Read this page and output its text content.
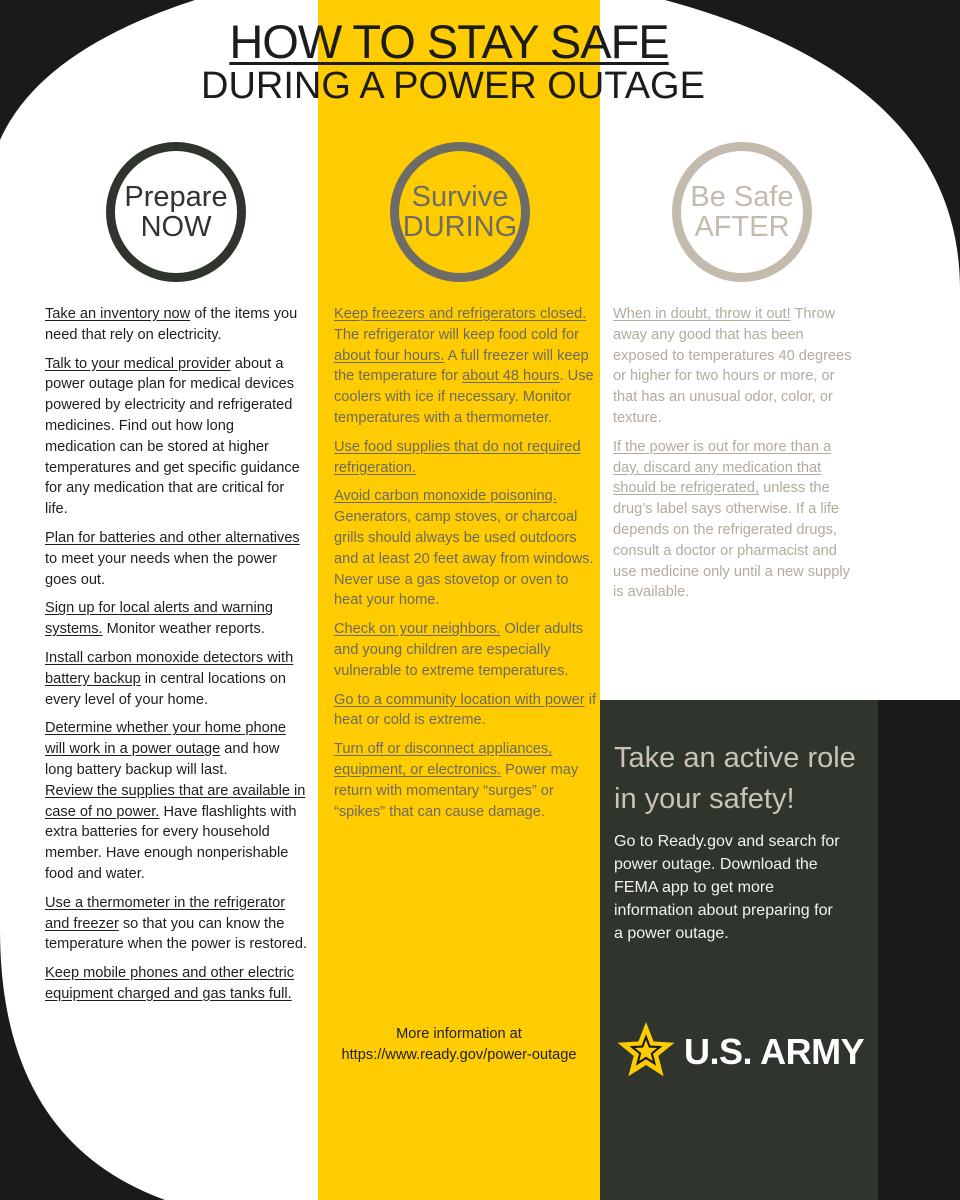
HOW TO STAY SAFE
DURING A POWER OUTAGE
Prepare
NOW
Survive
DURING
Be Safe
AFTER

Take an inventory now of the items you need that rely on electricity.

Talk to your medical provider about a power outage plan for medical devices powered by electricity and refrigerated medicines. Find out how long medication can be stored at higher temperatures and get specific guidance for any medication that are critical for life.

Plan for batteries and other alternatives to meet your needs when the power goes out.

Sign up for local alerts and warning systems. Monitor weather reports.

Install carbon monoxide detectors with battery backup in central locations on every level of your home.

Determine whether your home phone will work in a power outage and how long battery backup will last.

Review the supplies that are available in case of no power. Have flashlights with extra batteries for every household member. Have enough nonperishable food and water.

Use a thermometer in the refrigerator and freezer so that you can know the temperature when the power is restored.

Keep mobile phones and other electric equipment charged and gas tanks full.

Keep freezers and refrigerators closed. The refrigerator will keep food cold for about four hours. A full freezer will keep the temperature for about 48 hours. Use coolers with ice if necessary. Monitor temperatures with a thermometer.

Use food supplies that do not required refrigeration.

Avoid carbon monoxide poisoning. Generators, camp stoves, or charcoal grills should always be used outdoors and at least 20 feet away from windows. Never use a gas stovetop or oven to heat your home.

Check on your neighbors. Older adults and young children are especially vulnerable to extreme temperatures.

Go to a community location with power if heat or cold is extreme.

Turn off or disconnect appliances, equipment, or electronics. Power may return with momentary “surges” or “spikes” that can cause damage.

When in doubt, throw it out! Throw away any good that has been exposed to temperatures 40 degrees or higher for two hours or more, or that has an unusual odor, color, or texture.

If the power is out for more than a day, discard any medication that should be refrigerated, unless the drug’s label says otherwise. If a life depends on the refrigerated drugs, consult a doctor or pharmacist and use medicine only until a new supply is available.

More information at
https://www.ready.gov/power-outage
Take an active role in your safety!
Go to Ready.gov and search for power outage. Download the FEMA app to get more information about preparing for a power outage.
U.S. ARMY
